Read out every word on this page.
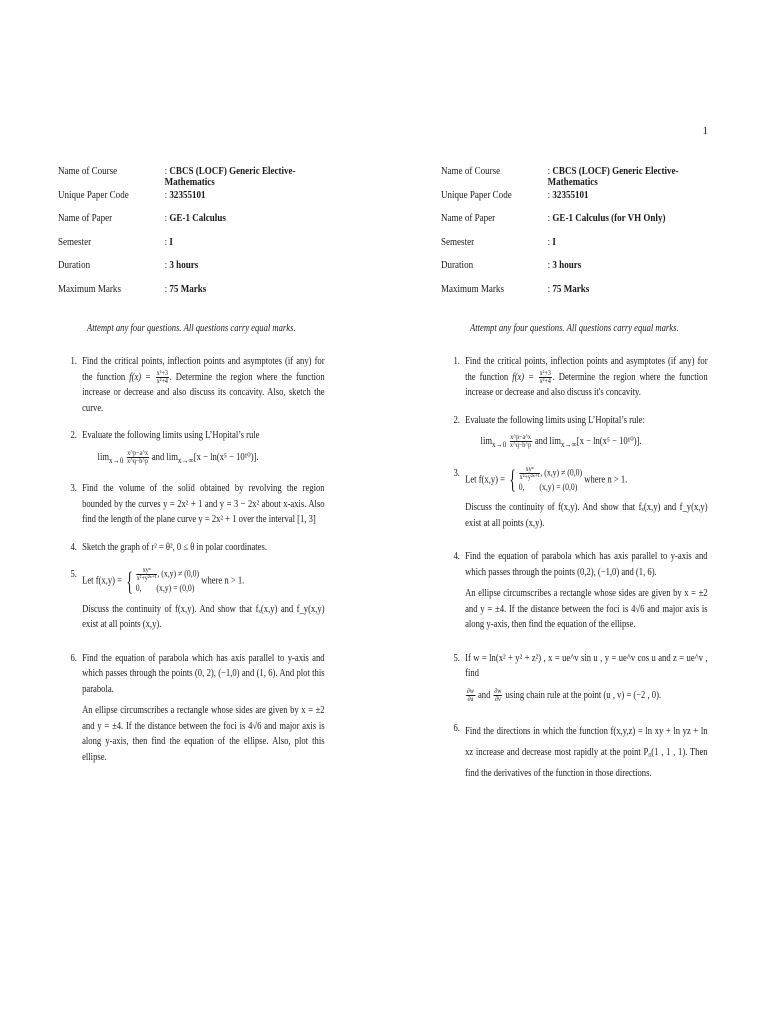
1
Name of Course	: CBCS (LOCF) Generic Elective- Mathematics
Unique Paper Code	: 32355101
Name of Paper	: GE-1 Calculus
Semester	: I
Duration	: 3 hours
Maximum Marks	: 75 Marks
Attempt any four questions. All questions carry equal marks.
1. Find the critical points, inflection points and asymptotes (if any) for the function $f(x) = \frac{\text{x²+3}}{\text{x²+4}}$ . Determine the region where the function increase or decrease and also discuss its concavity. Also, sketch the curve.
2. Evaluate the following limits using L’Hopital’s rule

$\lim_{x\to 0} \frac{x\^{}p-a\^{}x}{x\^{}q-b\^{}p}$ and $\lim_{x\to\infty}[x - \ln(x^5 - 10^{10})]$.
3. Find the volume of the solid obtained by revolving the region bounded by the curves y = 2x² + 1 and y = 3 − 2x² about x-axis. Also find the length of the plane curve y = 2x² + 1 over the interval [1, 3]
4. Sketch the graph of r² = θ², 0 ≤ θ in polar coordinates.
5.

Let f(x,y) = { $\frac{\text{xyⁿ}}{\text{x²+y²ⁿ⁺¹}}$ , (x,y) ≠ (0,0)
0, (x,y) = (0,0)
where n > 1.

Discuss the continuity of f(x,y). And show that fₓ(x,y) and f_y(x,y) exist at all points (x,y).

6. Find the equation of parabola which has axis parallel to y-axis and which passes through the points (0, 2), (−1,0) and (1, 6). And plot this parabola.

An ellipse circumscribes a rectangle whose sides are given by x = ±2 and y = ±4. If the distance between the foci is 4√6 and major axis is along y-axis, then find the equation of the ellipse. Also, plot this ellipse.

Name of Course	: CBCS (LOCF) Generic Elective- Mathematics
Unique Paper Code	: 32355101
Name of Paper	: GE-1 Calculus (for VH Only)
Semester	: I
Duration	: 3 hours
Maximum Marks	: 75 Marks
Attempt any four questions. All questions carry equal marks.
1. Find the critical points, inflection points and asymptotes (if any) for the function $f(x) = \frac{\text{x²+3}}{\text{x²+4}}$ . Determine the region where the function increase or decrease and also discuss it's concavity.
2. Evaluate the following limits using L’Hopital’s rule:

$\lim_{x\to 0} \frac{x\^{}p-a\^{}x}{x\^{}q-b\^{}p}$ and $\lim_{x\to\infty}[x - \ln(x^5 - 10^{10})]$.
3.

Let f(x,y) = { $\frac{\text{xyⁿ}}{\text{x²+y²ⁿ⁺¹}}$ , (x,y) ≠ (0,0)
0, (x,y) = (0,0)
where n > 1.

Discuss the continuity of f(x,y). And show that fₓ(x,y) and f_y(x,y) exist at all points (x,y).

4. Find the equation of parabola which has axis parallel to y-axis and which passes through the points (0,2), (−1,0) and (1, 6).

An ellipse circumscribes a rectangle whose sides are given by x = ±2 and y = ±4. If the distance between the foci is 4√6 and major axis is along y-axis, then find the equation of the ellipse.

5. If w = ln(x² + y² + z²) , x = ue^v sin u , y = ue^v cos u and z = ue^v , find

$\frac{\partial w}{\partial u}$ and $\frac{\partial w}{\partial v}$ using chain rule at the point (u , v) = (−2 , 0).

6. Find the directions in which the function f(x,y,z) = ln xy + ln yz + ln xz increase and decrease most rapidly at the point P₀(1 , 1 , 1). Then find the derivatives of the function in those directions.
